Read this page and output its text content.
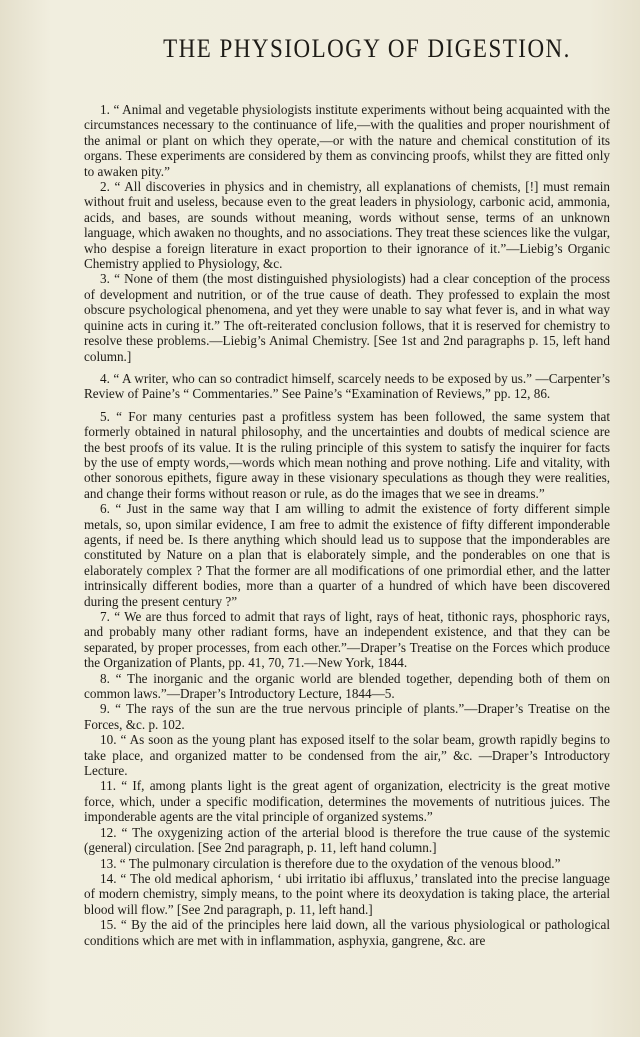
THE PHYSIOLOGY OF DIGESTION.

1. “ Animal and vegetable physiologists institute experiments without being acquainted with the circumstances necessary to the continuance of life,—with the qualities and proper nourishment of the animal or plant on which they operate,—or with the nature and chemical constitution of its organs. These experiments are considered by them as convincing proofs, whilst they are fitted only to awaken pity.”

2. “ All discoveries in physics and in chemistry, all explanations of chemists, [!] must remain without fruit and useless, because even to the great leaders in physiology, carbonic acid, ammonia, acids, and bases, are sounds without meaning, words without sense, terms of an unknown language, which awaken no thoughts, and no associations. They treat these sciences like the vulgar, who despise a foreign literature in exact proportion to their ignorance of it.”—Liebig’s Organic Chemistry applied to Physiology, &c.

3. “ None of them (the most distinguished physiologists) had a clear conception of the process of development and nutrition, or of the true cause of death. They professed to explain the most obscure psychological phenomena, and yet they were unable to say what fever is, and in what way quinine acts in curing it.” The oft-reiterated conclusion follows, that it is reserved for chemistry to resolve these problems.—Liebig’s Animal Chemistry. [See 1st and 2nd paragraphs p. 15, left hand column.]

4. “ A writer, who can so contradict himself, scarcely needs to be exposed by us.” —Carpenter’s Review of Paine’s “ Commentaries.” See Paine’s “Examination of Reviews,” pp. 12, 86.

5. “ For many centuries past a profitless system has been followed, the same system that formerly obtained in natural philosophy, and the uncertainties and doubts of medical science are the best proofs of its value. It is the ruling principle of this system to satisfy the inquirer for facts by the use of empty words,—words which mean nothing and prove nothing. Life and vitality, with other sonorous epithets, figure away in these visionary speculations as though they were realities, and change their forms without reason or rule, as do the images that we see in dreams.”

6. “ Just in the same way that I am willing to admit the existence of forty different simple metals, so, upon similar evidence, I am free to admit the existence of fifty different imponderable agents, if need be. Is there anything which should lead us to suppose that the imponderables are constituted by Nature on a plan that is elaborately simple, and the ponderables on one that is elaborately complex ? That the former are all modifications of one primordial ether, and the latter intrinsically different bodies, more than a quarter of a hundred of which have been discovered during the present century ?”

7. “ We are thus forced to admit that rays of light, rays of heat, tithonic rays, phosphoric rays, and probably many other radiant forms, have an independent existence, and that they can be separated, by proper processes, from each other.”—Draper’s Treatise on the Forces which produce the Organization of Plants, pp. 41, 70, 71.—New York, 1844.

8. “ The inorganic and the organic world are blended together, depending both of them on common laws.”—Draper’s Introductory Lecture, 1844—5.

9. “ The rays of the sun are the true nervous principle of plants.”—Draper’s Treatise on the Forces, &c. p. 102.

10. “ As soon as the young plant has exposed itself to the solar beam, growth rapidly begins to take place, and organized matter to be condensed from the air,” &c. —Draper’s Introductory Lecture.

11. “ If, among plants light is the great agent of organization, electricity is the great motive force, which, under a specific modification, determines the movements of nutritious juices. The imponderable agents are the vital principle of organized systems.”

12. “ The oxygenizing action of the arterial blood is therefore the true cause of the systemic (general) circulation. [See 2nd paragraph, p. 11, left hand column.]

13. “ The pulmonary circulation is therefore due to the oxydation of the venous blood.”

14. “ The old medical aphorism, ‘ ubi irritatio ibi affluxus,’ translated into the precise language of modern chemistry, simply means, to the point where its deoxydation is taking place, the arterial blood will flow.” [See 2nd paragraph, p. 11, left hand.]

15. “ By the aid of the principles here laid down, all the various physiological or pathological conditions which are met with in inflammation, asphyxia, gangrene, &c. are
